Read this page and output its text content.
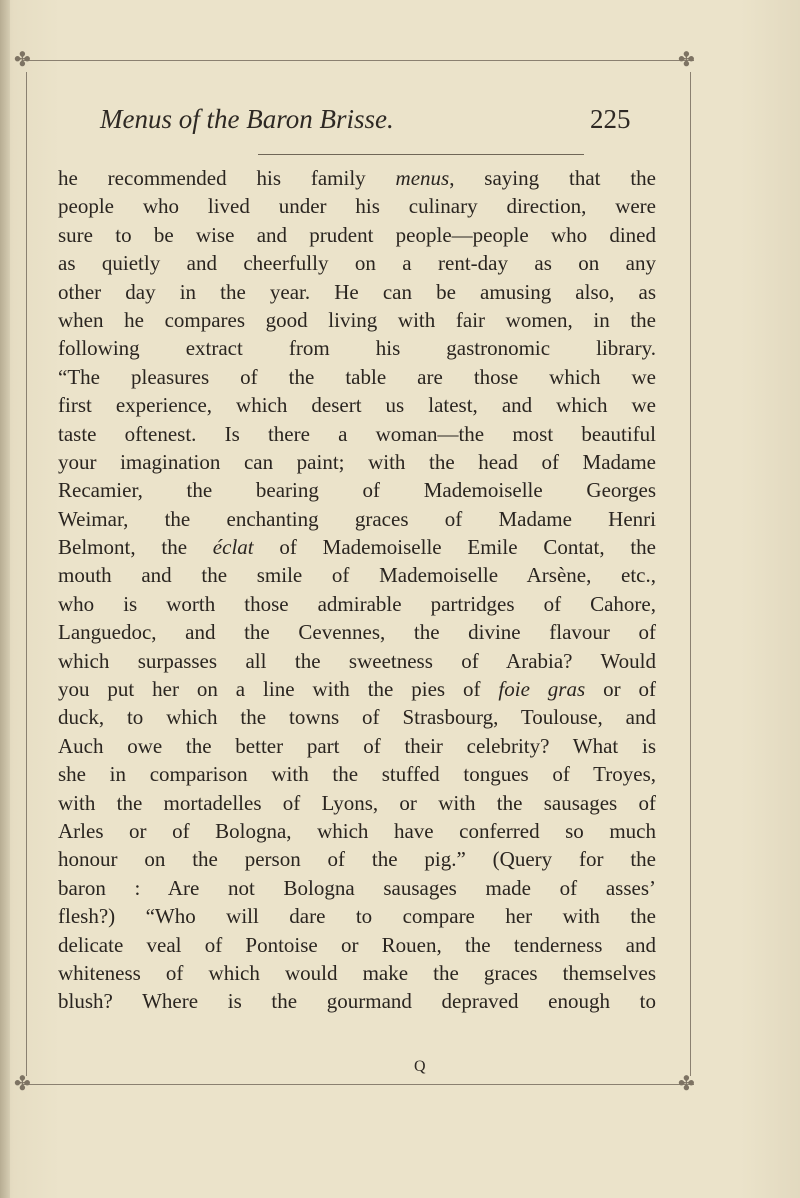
✤	✤
✤	✤
Menus of the Baron Brisse.	225
he recommended his family menus, saying that the
people who lived under his culinary direction, were
sure to be wise and prudent people—people who dined
as quietly and cheerfully on a rent-day as on any
other day in the year. He can be amusing also, as
when he compares good living with fair women, in the
following extract from his gastronomic library.
“The pleasures of the table are those which we
first experience, which desert us latest, and which we
taste oftenest. Is there a woman—the most beautiful
your imagination can paint; with the head of Madame
Recamier, the bearing of Mademoiselle Georges
Weimar, the enchanting graces of Madame Henri
Belmont, the éclat of Mademoiselle Emile Contat, the
mouth and the smile of Mademoiselle Arsène, etc.,
who is worth those admirable partridges of Cahore,
Languedoc, and the Cevennes, the divine flavour of
which surpasses all the sweetness of Arabia? Would
you put her on a line with the pies of foie gras or of
duck, to which the towns of Strasbourg, Toulouse, and
Auch owe the better part of their celebrity? What is
she in comparison with the stuffed tongues of Troyes,
with the mortadelles of Lyons, or with the sausages of
Arles or of Bologna, which have conferred so much
honour on the person of the pig.” (Query for the
baron : Are not Bologna sausages made of asses’
flesh?) “Who will dare to compare her with the
delicate veal of Pontoise or Rouen, the tenderness and
whiteness of which would make the graces themselves
blush? Where is the gourmand depraved enough to
Q
